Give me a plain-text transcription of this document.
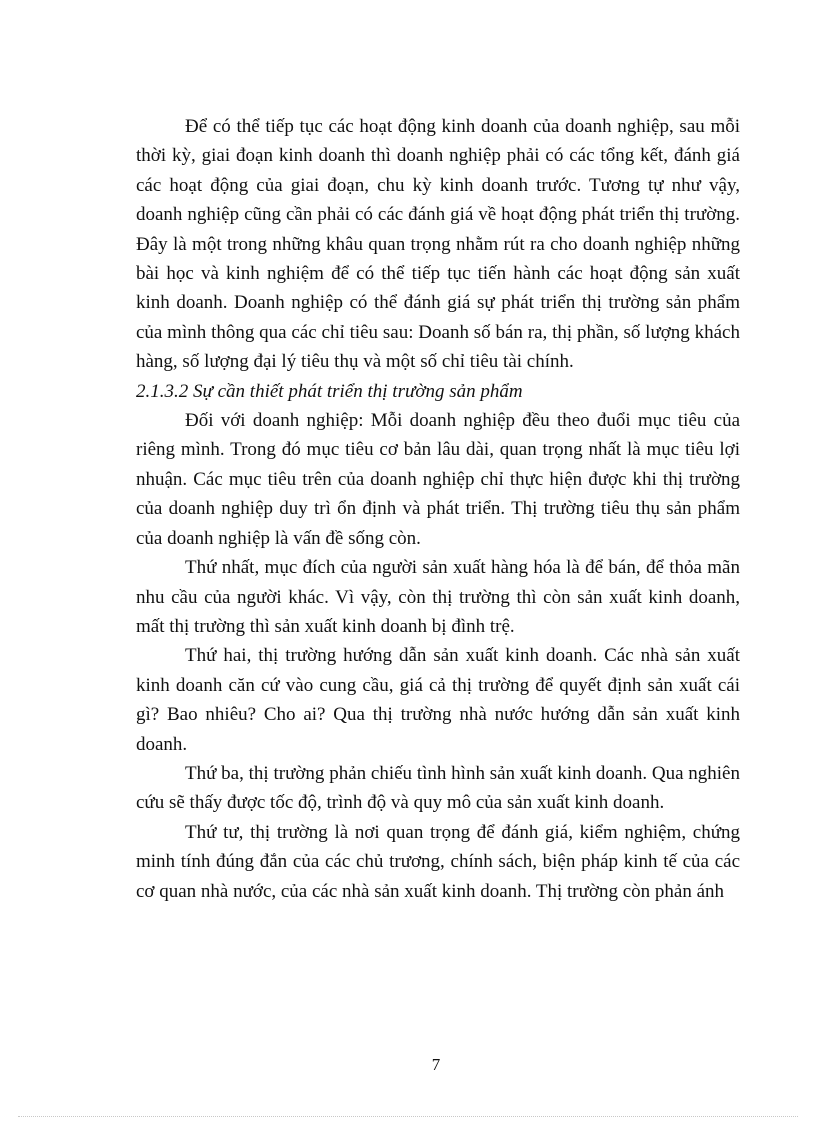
Để có thể tiếp tục các hoạt động kinh doanh của doanh nghiệp, sau mỗi thời kỳ, giai đoạn kinh doanh thì doanh nghiệp phải có các tổng kết, đánh giá các hoạt động của giai đoạn, chu kỳ kinh doanh trước. Tương tự như vậy, doanh nghiệp cũng cần phải có các đánh giá về hoạt động phát triển thị trường. Đây là một trong những khâu quan trọng nhằm rút ra cho doanh nghiệp những bài học và kinh nghiệm để có thể tiếp tục tiến hành các hoạt động sản xuất kinh doanh. Doanh nghiệp có thể đánh giá sự phát triển thị trường sản phẩm của mình thông qua các chỉ tiêu sau: Doanh số bán ra, thị phần, số lượng khách hàng, số lượng đại lý tiêu thụ và một số chỉ tiêu tài chính.

2.1.3.2 Sự cần thiết phát triển thị trường sản phẩm

Đối với doanh nghiệp: Mỗi doanh nghiệp đều theo đuổi mục tiêu của riêng mình. Trong đó mục tiêu cơ bản lâu dài, quan trọng nhất là mục tiêu lợi nhuận. Các mục tiêu trên của doanh nghiệp chỉ thực hiện được khi thị trường của doanh nghiệp duy trì ổn định và phát triển. Thị trường tiêu thụ sản phẩm của doanh nghiệp là vấn đề sống còn.

Thứ nhất, mục đích của người sản xuất hàng hóa là để bán, để thỏa mãn nhu cầu của người khác. Vì vậy, còn thị trường thì còn sản xuất kinh doanh, mất thị trường thì sản xuất kinh doanh bị đình trệ.

Thứ hai, thị trường hướng dẫn sản xuất kinh doanh. Các nhà sản xuất kinh doanh căn cứ vào cung cầu, giá cả thị trường để quyết định sản xuất cái gì? Bao nhiêu? Cho ai? Qua thị trường nhà nước hướng dẫn sản xuất kinh doanh.

Thứ ba, thị trường phản chiếu tình hình sản xuất kinh doanh. Qua nghiên cứu sẽ thấy được tốc độ, trình độ và quy mô của sản xuất kinh doanh.

Thứ tư, thị trường là nơi quan trọng để đánh giá, kiểm nghiệm, chứng minh tính đúng đắn của các chủ trương, chính sách, biện pháp kinh tế của các cơ quan nhà nước, của các nhà sản xuất kinh doanh. Thị trường còn phản ánh

7
